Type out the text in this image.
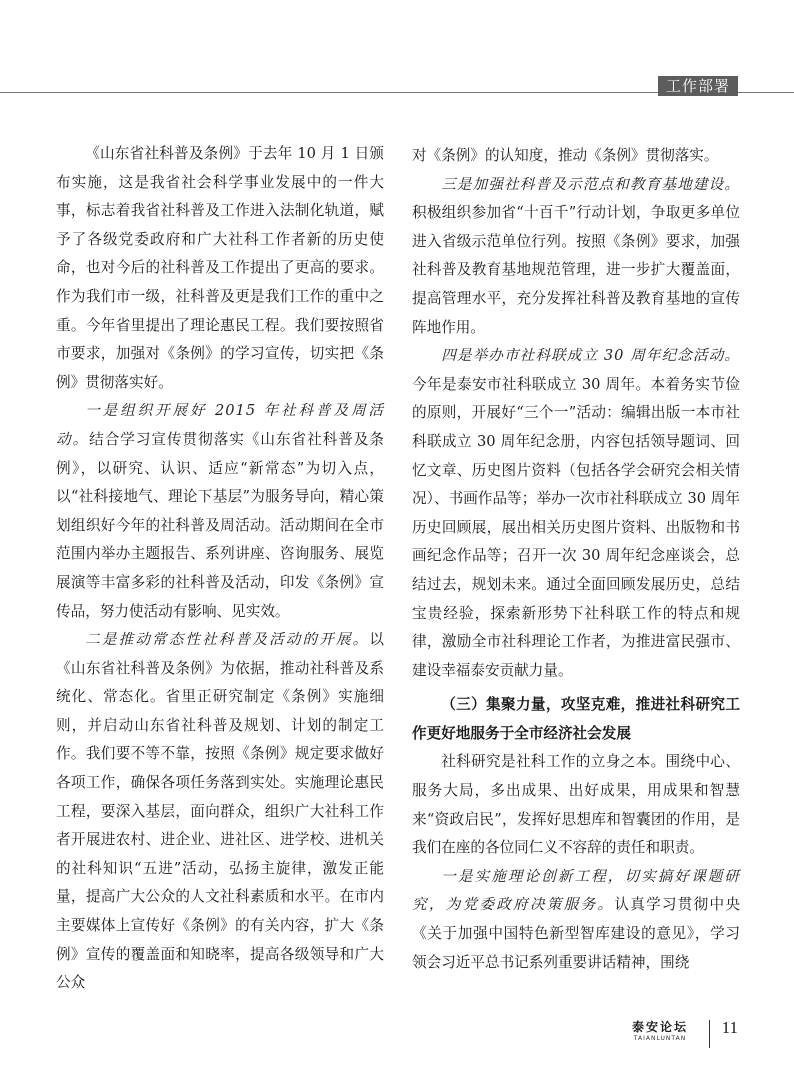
工作部署

《山东省社科普及条例》于去年 10 月 1 日颁布实施，这是我省社会科学事业发展中的一件大事，标志着我省社科普及工作进入法制化轨道，赋予了各级党委政府和广大社科工作者新的历史使命，也对今后的社科普及工作提出了更高的要求。作为我们市一级，社科普及更是我们工作的重中之重。今年省里提出了理论惠民工程。我们要按照省市要求，加强对《条例》的学习宣传，切实把《条例》贯彻落实好。

一是组织开展好 2015 年社科普及周活动。结合学习宣传贯彻落实《山东省社科普及条例》，以研究、认识、适应“新常态”为切入点，以“社科接地气、理论下基层”为服务导向，精心策划组织好今年的社科普及周活动。活动期间在全市范围内举办主题报告、系列讲座、咨询服务、展览展演等丰富多彩的社科普及活动，印发《条例》宣传品，努力使活动有影响、见实效。

二是推动常态性社科普及活动的开展。以《山东省社科普及条例》为依据，推动社科普及系统化、常态化。省里正研究制定《条例》实施细则，并启动山东省社科普及规划、计划的制定工作。我们要不等不靠，按照《条例》规定要求做好各项工作，确保各项任务落到实处。实施理论惠民工程，要深入基层，面向群众，组织广大社科工作者开展进农村、进企业、进社区、进学校、进机关的社科知识“五进”活动，弘扬主旋律，激发正能量，提高广大公众的人文社科素质和水平。在市内主要媒体上宣传好《条例》的有关内容，扩大《条例》宣传的覆盖面和知晓率，提高各级领导和广大公众

对《条例》的认知度，推动《条例》贯彻落实。

三是加强社科普及示范点和教育基地建设。积极组织参加省“十百千”行动计划，争取更多单位进入省级示范单位行列。按照《条例》要求，加强社科普及教育基地规范管理，进一步扩大覆盖面，提高管理水平，充分发挥社科普及教育基地的宣传阵地作用。

四是举办市社科联成立 30 周年纪念活动。今年是泰安市社科联成立 30 周年。本着务实节俭的原则，开展好“三个一”活动：编辑出版一本市社科联成立 30 周年纪念册，内容包括领导题词、回忆文章、历史图片资料（包括各学会研究会相关情况）、书画作品等；举办一次市社科联成立 30 周年历史回顾展，展出相关历史图片资料、出版物和书画纪念作品等；召开一次 30 周年纪念座谈会，总结过去，规划未来。通过全面回顾发展历史，总结宝贵经验，探索新形势下社科联工作的特点和规律，激励全市社科理论工作者，为推进富民强市、建设幸福泰安贡献力量。

（三）集聚力量，攻坚克难，推进社科研究工作更好地服务于全市经济社会发展

社科研究是社科工作的立身之本。围绕中心、服务大局，多出成果、出好成果，用成果和智慧来“资政启民”，发挥好思想库和智囊团的作用，是我们在座的各位同仁义不容辞的责任和职责。

一是实施理论创新工程，切实搞好课题研究，为党委政府决策服务。认真学习贯彻中央《关于加强中国特色新型智库建设的意见》，学习领会习近平总书记系列重要讲话精神，围绕

泰安论坛
TAIANLUNTAN
11
